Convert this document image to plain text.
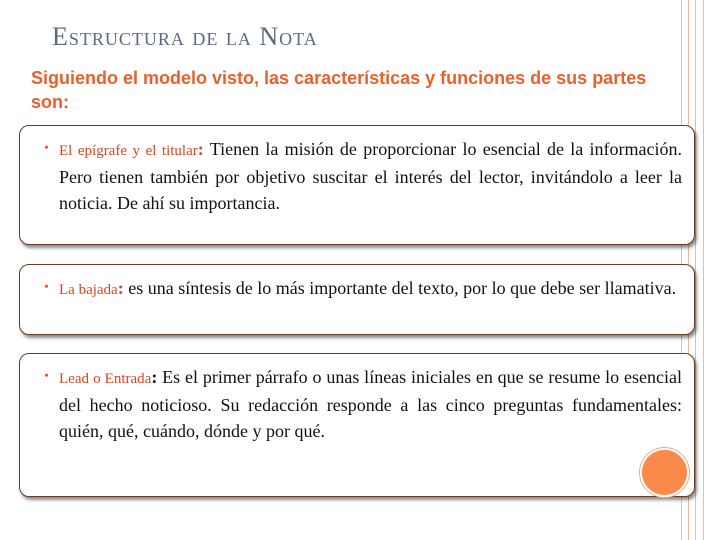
Estructura de la Nota

Siguiendo el modelo visto, las características y funciones de sus partes son:

• El epígrafe y el titular: Tienen la misión de proporcionar lo esencial de la información. Pero tienen también por objetivo suscitar el interés del lector, invitándolo a leer la noticia. De ahí su importancia.

• La bajada: es una síntesis de lo más importante del texto, por lo que debe ser llamativa.

• Lead o Entrada: Es el primer párrafo o unas líneas iniciales en que se resume lo esencial del hecho noticioso. Su redacción responde a las cinco preguntas fundamentales: quién, qué, cuándo, dónde y por qué.
